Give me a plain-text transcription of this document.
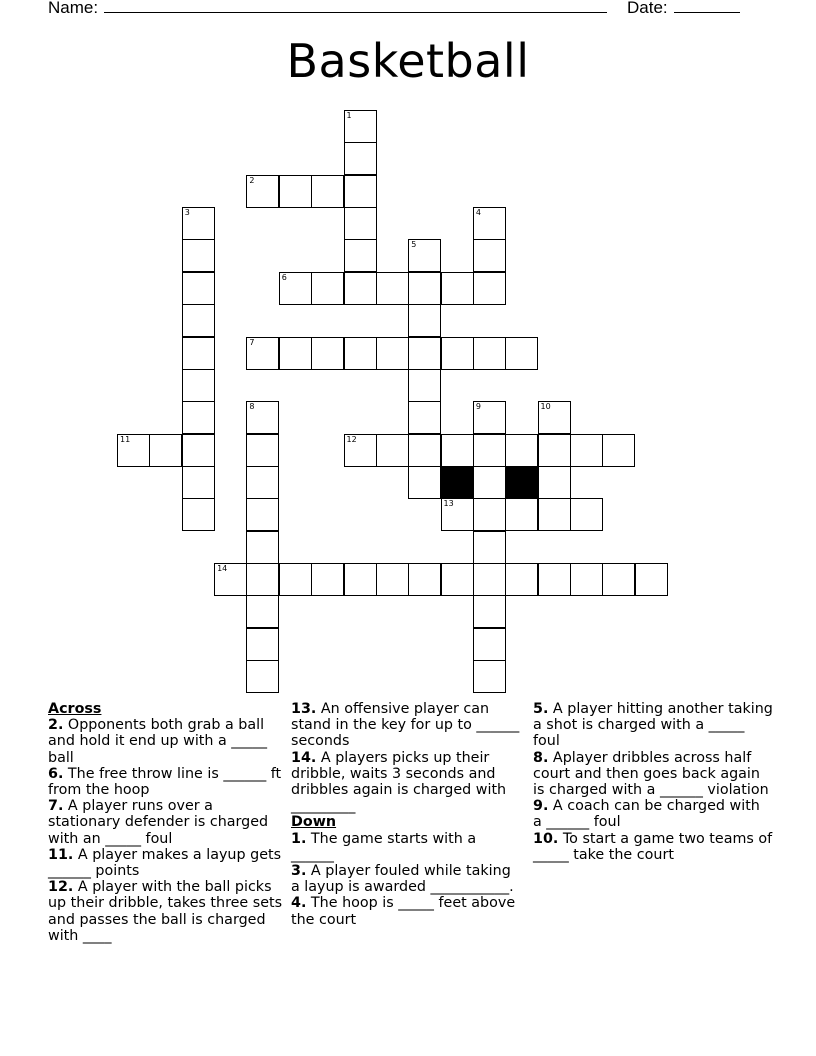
Name:	Date:
Basketball
1
2
3	4
5
6
7
8	9	10
11	12
13
14
Across
2. Opponents both grab a ball and hold it end up with a _____ ball
6. The free throw line is ______ ft from the hoop
7. A player runs over a stationary defender is charged with an _____ foul
11. A player makes a layup gets ______ points
12. A player with the ball picks up their dribble, takes three sets and passes the ball is charged with ____
13. An offensive player can stand in the key for up to ______ seconds
14. A players picks up their dribble, waits 3 seconds and dribbles again is charged with _________
Down
1. The game starts with a ______
3. A player fouled while taking a layup is awarded ___________.
4. The hoop is _____ feet above the court
5. A player hitting another taking a shot is charged with a _____ foul
8. Aplayer dribbles across half court and then goes back again is charged with a ______ violation
9. A coach can be charged with a ______ foul
10. To start a game two teams of _____ take the court
